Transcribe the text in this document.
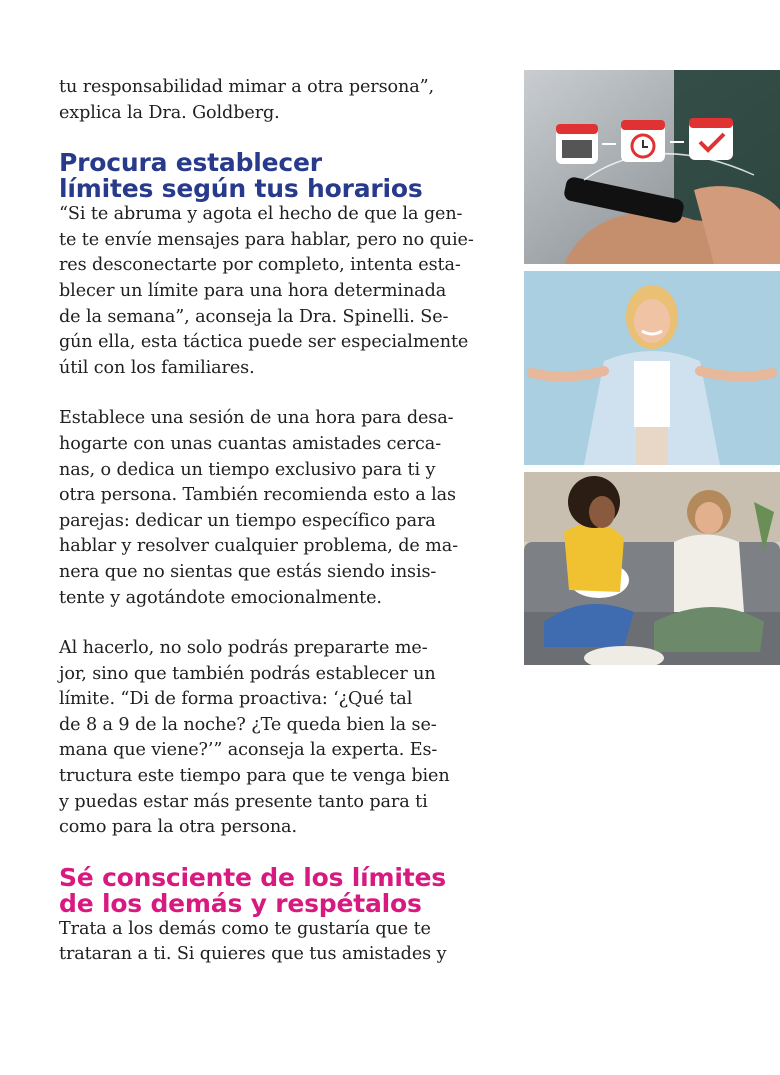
tu responsabilidad mimar a otra persona”,
explica la Dra. Goldberg.

Procura establecer
límites según tus horarios

“Si te abruma y agota el hecho de que la gen-
te te envíe mensajes para hablar, pero no quie-
res desconectarte por completo, intenta esta-
blecer un límite para una hora determinada
de la semana”, aconseja la Dra. Spinelli. Se-
gún ella, esta táctica puede ser especialmente
útil con los familiares.

Establece una sesión de una hora para desa-
hogarte con unas cuantas amistades cerca-
nas, o dedica un tiempo exclusivo para ti y
otra persona. También recomienda esto a las
parejas: dedicar un tiempo específico para
hablar y resolver cualquier problema, de ma-
nera que no sientas que estás siendo insis-
tente y agotándote emocionalmente.

Al hacerlo, no solo podrás prepararte me-
jor, sino que también podrás establecer un
límite. “Di de forma proactiva: ‘¿Qué tal
de 8 a 9 de la noche? ¿Te queda bien la se-
mana que viene?’” aconseja la experta. Es-
tructura este tiempo para que te venga bien
y puedas estar más presente tanto para ti
como para la otra persona.

Sé consciente de los límites
de los demás y respétalos

Trata a los demás como te gustaría que te
trataran a ti. Si quieres que tus amistades y
